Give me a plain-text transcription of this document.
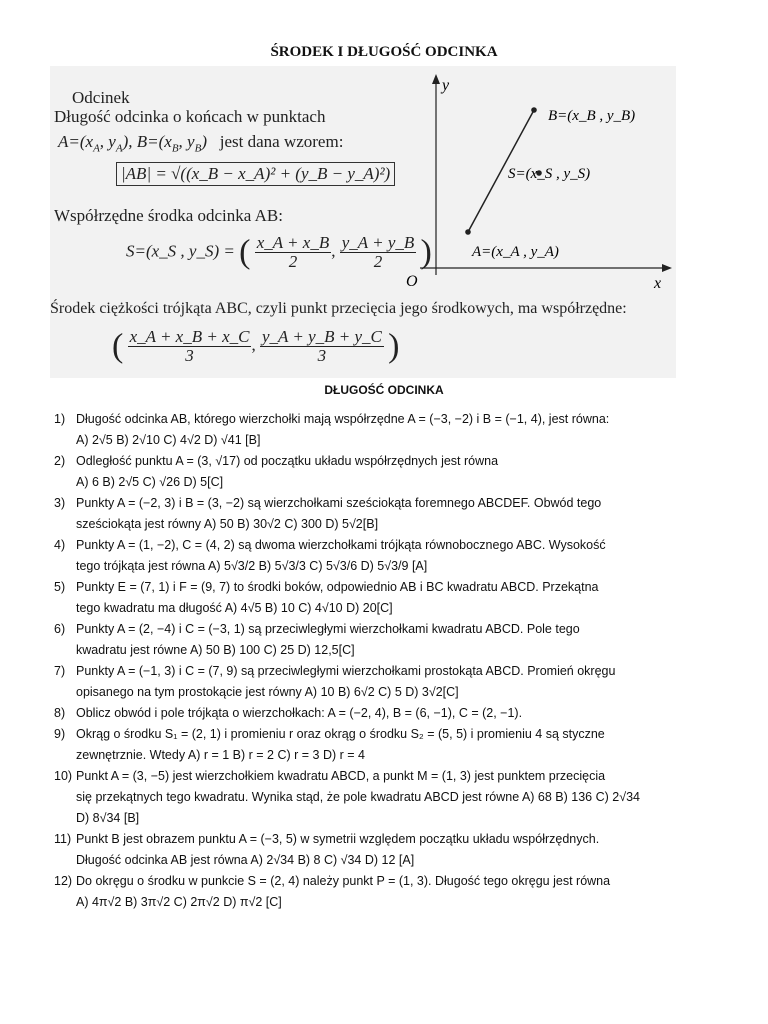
ŚRODEK I DŁUGOŚĆ ODCINKA
Odcinek
Długość odcinka o końcach w punktach
$A=(x_A$, $y_A$), $B=(x_B$, $y_B$) jest dana wzorem:
|AB| = √((x_B − x_A)² + (y_B − y_A)²)
Współrzędne środka odcinka AB:
S=(x_S , y_S) = ( $\frac{x\_A + x\_B}{2}$ , $\frac{y\_A + y\_B}{2}$ )
Środek ciężkości trójkąta ABC, czyli punkt przecięcia jego środkowych, ma współrzędne:
( $\frac{x\_A + x\_B + x\_C}{3}$ , $\frac{y\_A + y\_B + y\_C}{3}$ )
y
x
O
B=(x_B , y_B)
S=(x_S , y_S)
A=(x_A , y_A)
DŁUGOŚĆ ODCINKA
1) Długość odcinka AB, którego wierzchołki mają współrzędne A = (−3, −2) i B = (−1, 4), jest równa:
A) 2√5 B) 2√10 C) 4√2 D) √41 [B]
2) Odległość punktu A = (3, √17) od początku układu współrzędnych jest równa
A) 6 B) 2√5 C) √26 D) 5[C]
3) Punkty A = (−2, 3) i B = (3, −2) są wierzchołkami sześciokąta foremnego ABCDEF. Obwód tego
sześciokąta jest równy A) 50 B) 30√2 C) 300 D) 5√2[B]
4) Punkty A = (1, −2), C = (4, 2) są dwoma wierzchołkami trójkąta równobocznego ABC. Wysokość
tego trójkąta jest równa A) 5√3/2 B) 5√3/3 C) 5√3/6 D) 5√3/9 [A]
5) Punkty E = (7, 1) i F = (9, 7) to środki boków, odpowiednio AB i BC kwadratu ABCD. Przekątna
tego kwadratu ma długość A) 4√5 B) 10 C) 4√10 D) 20[C]
6) Punkty A = (2, −4) i C = (−3, 1) są przeciwległymi wierzchołkami kwadratu ABCD. Pole tego
kwadratu jest równe A) 50 B) 100 C) 25 D) 12,5[C]
7) Punkty A = (−1, 3) i C = (7, 9) są przeciwległymi wierzchołkami prostokąta ABCD. Promień okręgu
opisanego na tym prostokącie jest równy A) 10 B) 6√2 C) 5 D) 3√2[C]
8) Oblicz obwód i pole trójkąta o wierzchołkach: A = (−2, 4), B = (6, −1), C = (2, −1).
9) Okrąg o środku S₁ = (2, 1) i promieniu r oraz okrąg o środku S₂ = (5, 5) i promieniu 4 są styczne
zewnętrznie. Wtedy A) r = 1 B) r = 2 C) r = 3 D) r = 4
10) Punkt A = (3, −5) jest wierzchołkiem kwadratu ABCD, a punkt M = (1, 3) jest punktem przecięcia
się przekątnych tego kwadratu. Wynika stąd, że pole kwadratu ABCD jest równe A) 68 B) 136 C) 2√34
D) 8√34 [B]
11) Punkt B jest obrazem punktu A = (−3, 5) w symetrii względem początku układu współrzędnych.
Długość odcinka AB jest równa A) 2√34 B) 8 C) √34 D) 12 [A]
12) Do okręgu o środku w punkcie S = (2, 4) należy punkt P = (1, 3). Długość tego okręgu jest równa
A) 4π√2 B) 3π√2 C) 2π√2 D) π√2 [C]
